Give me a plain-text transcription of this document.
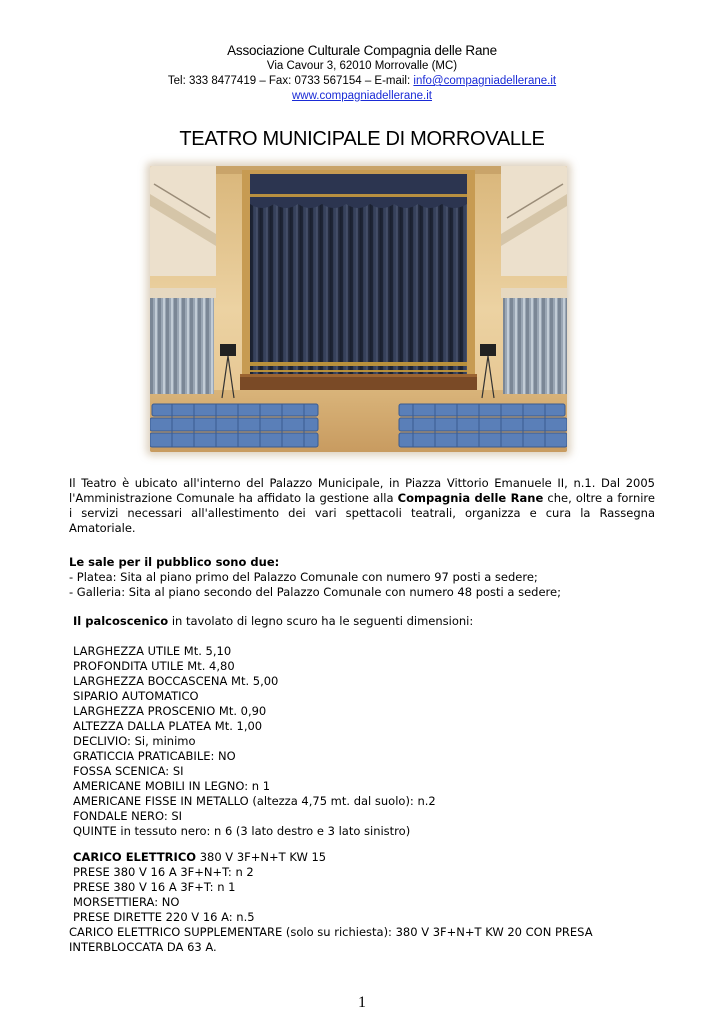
Associazione Culturale Compagnia delle Rane
Via Cavour 3, 62010 Morrovalle (MC)
Tel: 333 8477419 – Fax: 0733 567154 – E-mail: info@compagniadellerane.it
www.compagniadellerane.it
TEATRO MUNICIPALE DI MORROVALLE

Il Teatro è ubicato all'interno del Palazzo Municipale, in Piazza Vittorio Emanuele II, n.1. Dal 2005 l'Amministrazione Comunale ha affidato la gestione alla Compagnia delle Rane che, oltre a fornire i servizi necessari all'allestimento dei vari spettacoli teatrali, organizza e cura la Rassegna Amatoriale.

Le sale per il pubblico sono due:
- Platea: Sita al piano primo del Palazzo Comunale con numero 97 posti a sedere;
- Galleria: Sita al piano secondo del Palazzo Comunale con numero 48 posti a sedere;
Il palcoscenico in tavolato di legno scuro ha le seguenti dimensioni:
LARGHEZZA UTILE Mt. 5,10
PROFONDITA UTILE Mt. 4,80
LARGHEZZA BOCCASCENA Mt. 5,00
SIPARIO AUTOMATICO
LARGHEZZA PROSCENIO Mt. 0,90
ALTEZZA DALLA PLATEA Mt. 1,00
DECLIVIO: Si, minimo
GRATICCIA PRATICABILE: NO
FOSSA SCENICA: SI
AMERICANE MOBILI IN LEGNO: n 1
AMERICANE FISSE IN METALLO (altezza 4,75 mt. dal suolo): n.2
FONDALE NERO: SI
QUINTE in tessuto nero: n 6 (3 lato destro e 3 lato sinistro)
CARICO ELETTRICO 380 V 3F+N+T KW 15
PRESE 380 V 16 A 3F+N+T: n 2
PRESE 380 V 16 A 3F+T: n 1
MORSETTIERA: NO
PRESE DIRETTE 220 V 16 A: n.5
CARICO ELETTRICO SUPPLEMENTARE (solo su richiesta): 380 V 3F+N+T KW 20 CON PRESA INTERBLOCCATA DA 63 A.
1
